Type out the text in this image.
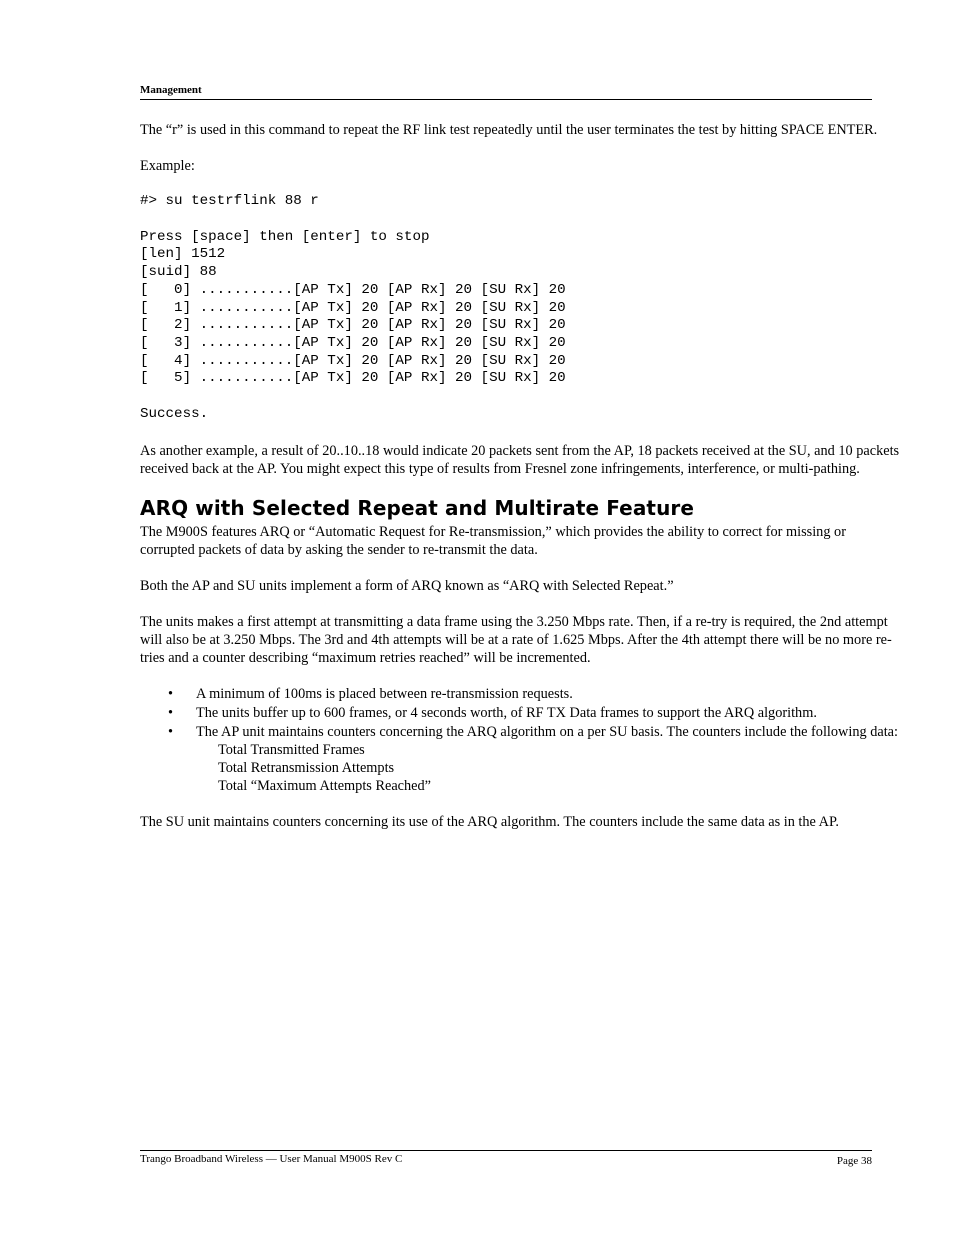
Management

The “r” is used in this command to repeat the RF link test repeatedly until the user terminates the test by hitting SPACE ENTER.

Example:

#> su testrflink 88 r
Press [space] then [enter] to stop
[len] 1512
[suid] 88
[   0] ...........[AP Tx] 20 [AP Rx] 20 [SU Rx] 20
[   1] ...........[AP Tx] 20 [AP Rx] 20 [SU Rx] 20
[   2] ...........[AP Tx] 20 [AP Rx] 20 [SU Rx] 20
[   3] ...........[AP Tx] 20 [AP Rx] 20 [SU Rx] 20
[   4] ...........[AP Tx] 20 [AP Rx] 20 [SU Rx] 20
[   5] ...........[AP Tx] 20 [AP Rx] 20 [SU Rx] 20
Success.

As another example, a result of 20..10..18 would indicate 20 packets sent from the AP, 18 packets received at the SU, and 10 packets received back at the AP. You might expect this type of results from Fresnel zone infringements, interference, or multi-pathing.

ARQ with Selected Repeat and Multirate Feature

The M900S features ARQ or “Automatic Request for Re-transmission,” which provides the ability to correct for missing or corrupted packets of data by asking the sender to re-transmit the data.

Both the AP and SU units implement a form of ARQ known as “ARQ with Selected Repeat.”

The units makes a first attempt at transmitting a data frame using the 3.250 Mbps rate. Then, if a re-try is required, the 2nd attempt will also be at 3.250 Mbps. The 3rd and 4th attempts will be at a rate of 1.625 Mbps. After the 4th attempt there will be no more re-tries and a counter describing “maximum retries reached” will be incremented.

• A minimum of 100ms is placed between re-transmission requests.
• The units buffer up to 600 frames, or 4 seconds worth, of RF TX Data frames to support the ARQ algorithm.
• The AP unit maintains counters concerning the ARQ algorithm on a per SU basis. The counters include the following data:
Total Transmitted Frames
Total Retransmission Attempts
Total “Maximum Attempts Reached”

The SU unit maintains counters concerning its use of the ARQ algorithm. The counters include the same data as in the AP.

Trango Broadband Wireless — User Manual M900S Rev C	Page 38
